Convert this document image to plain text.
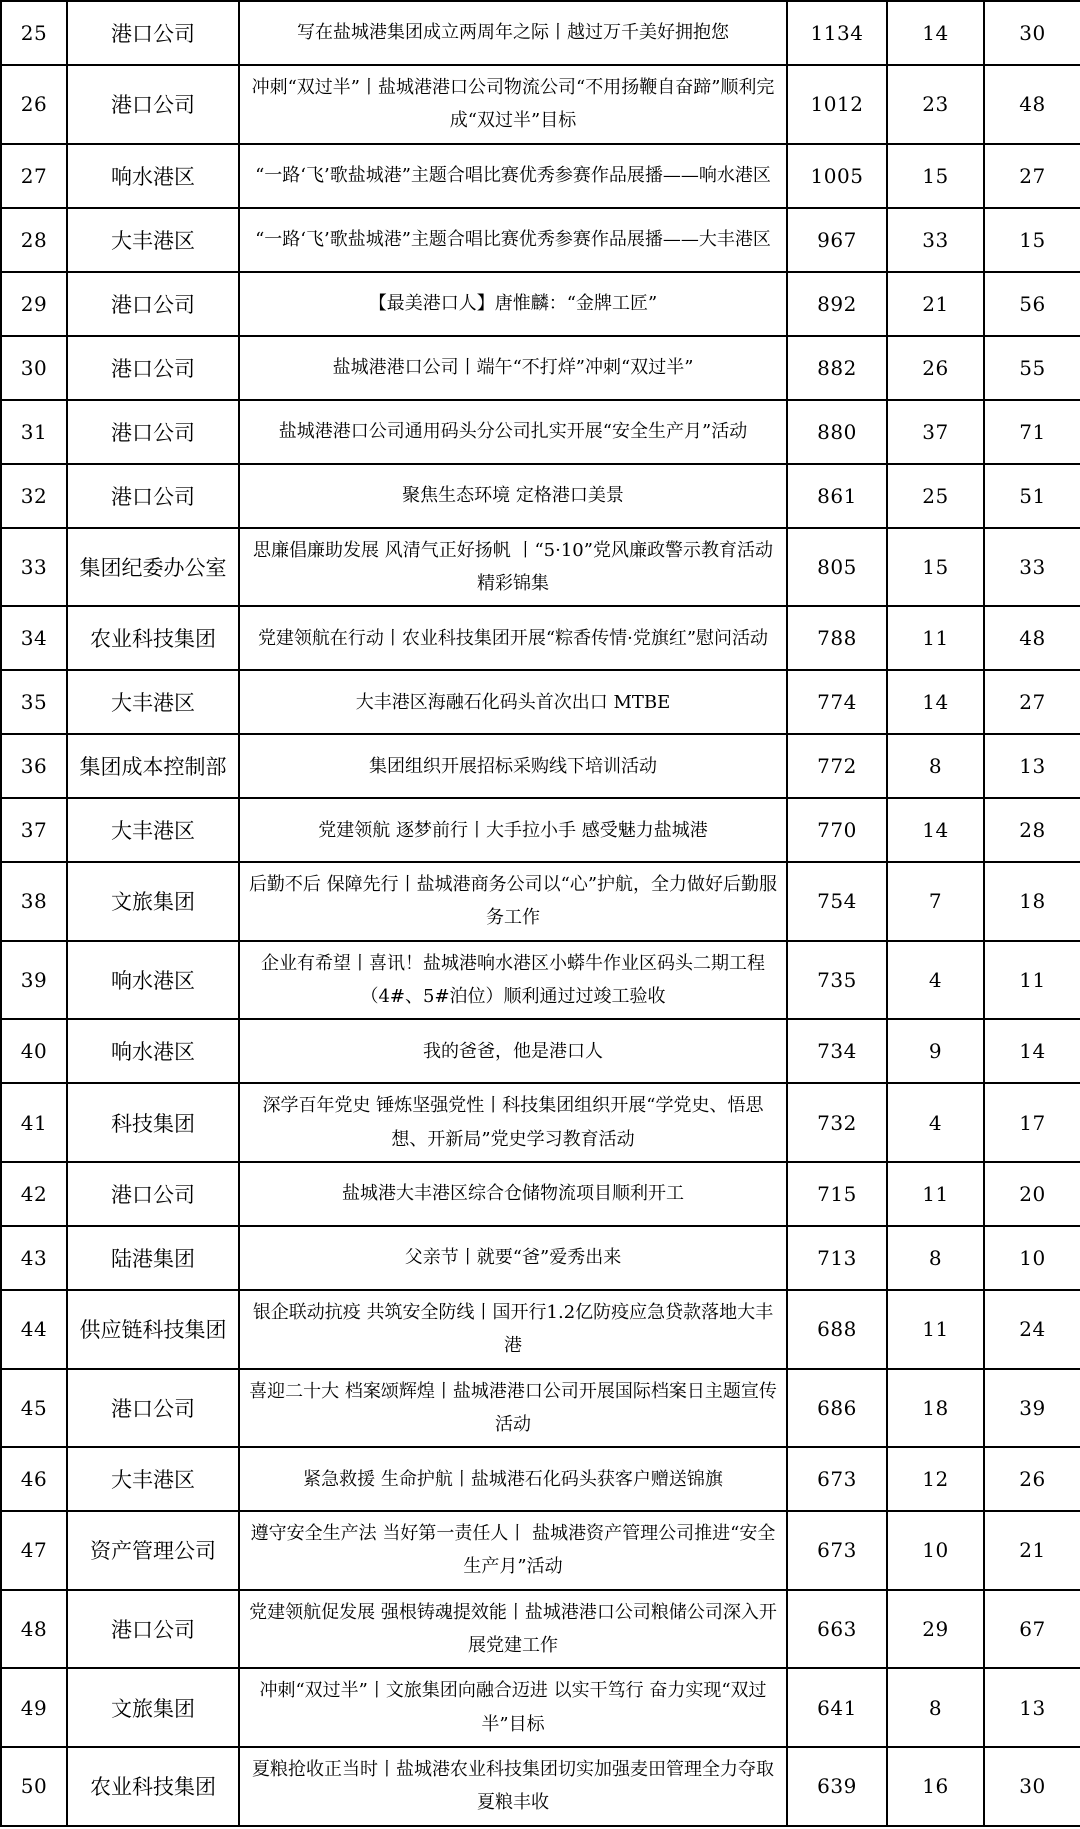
25	港口公司	写在盐城港集团成立两周年之际丨越过万千美好拥抱您	1134	14	30
26	港口公司	冲刺“双过半”丨盐城港港口公司物流公司“不用扬鞭自奋蹄”顺利完成“双过半”目标	1012	23	48
27	响水港区	“一路‘飞’歌盐城港”主题合唱比赛优秀参赛作品展播——响水港区	1005	15	27
28	大丰港区	“一路‘飞’歌盐城港”主题合唱比赛优秀参赛作品展播——大丰港区	967	33	15
29	港口公司	【最美港口人】唐惟麟：“金牌工匠”	892	21	56
30	港口公司	盐城港港口公司丨端午“不打烊”冲刺“双过半”	882	26	55
31	港口公司	盐城港港口公司通用码头分公司扎实开展“安全生产月”活动	880	37	71
32	港口公司	聚焦生态环境 定格港口美景	861	25	51
33	集团纪委办公室	思廉倡廉助发展 风清气正好扬帆 丨“5·10”党风廉政警示教育活动精彩锦集	805	15	33
34	农业科技集团	党建领航在行动丨农业科技集团开展“粽香传情·党旗红”慰问活动	788	11	48
35	大丰港区	大丰港区海融石化码头首次出口 MTBE	774	14	27
36	集团成本控制部	集团组织开展招标采购线下培训活动	772	8	13
37	大丰港区	党建领航 逐梦前行丨大手拉小手 感受魅力盐城港	770	14	28
38	文旅集团	后勤不后 保障先行丨盐城港商务公司以“心”护航，全力做好后勤服务工作	754	7	18
39	响水港区	企业有希望丨喜讯！盐城港响水港区小蟒牛作业区码头二期工程（4#、5#泊位）顺利通过过竣工验收	735	4	11
40	响水港区	我的爸爸，他是港口人	734	9	14
41	科技集团	深学百年党史 锤炼坚强党性丨科技集团组织开展“学党史、悟思想、开新局”党史学习教育活动	732	4	17
42	港口公司	盐城港大丰港区综合仓储物流项目顺利开工	715	11	20
43	陆港集团	父亲节丨就要“爸”爱秀出来	713	8	10
44	供应链科技集团	银企联动抗疫 共筑安全防线丨国开行1.2亿防疫应急贷款落地大丰港	688	11	24
45	港口公司	喜迎二十大 档案颂辉煌丨盐城港港口公司开展国际档案日主题宣传活动	686	18	39
46	大丰港区	紧急救援 生命护航丨盐城港石化码头获客户赠送锦旗	673	12	26
47	资产管理公司	遵守安全生产法 当好第一责任人丨 盐城港资产管理公司推进“安全生产月”活动	673	10	21
48	港口公司	党建领航促发展 强根铸魂提效能丨盐城港港口公司粮储公司深入开展党建工作	663	29	67
49	文旅集团	冲刺“双过半”丨文旅集团向融合迈进 以实干笃行 奋力实现“双过半”目标	641	8	13
50	农业科技集团	夏粮抢收正当时丨盐城港农业科技集团切实加强麦田管理全力夺取夏粮丰收	639	16	30
